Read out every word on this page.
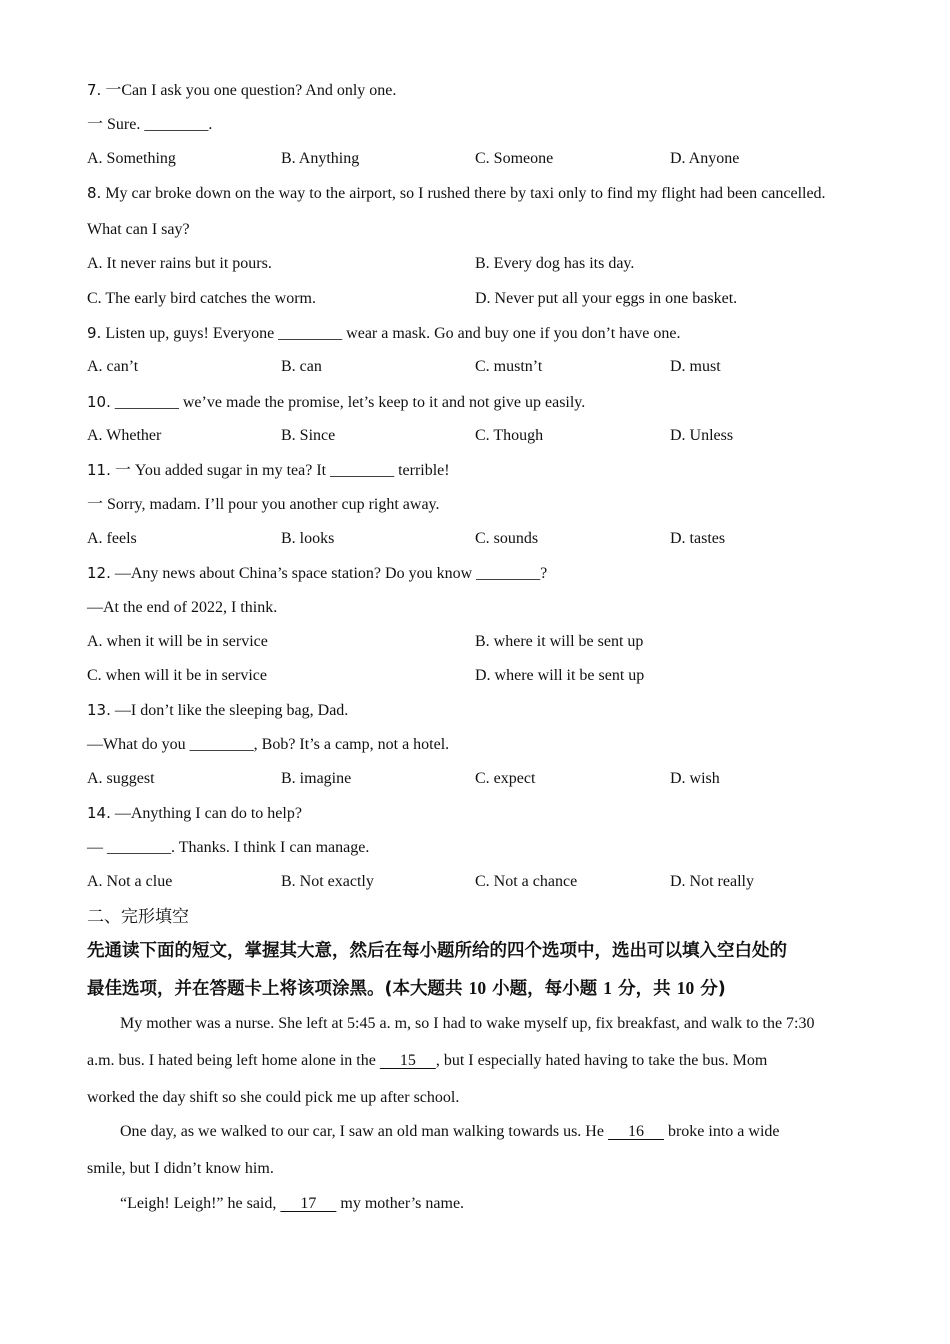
7. 一Can I ask you one question? And only one.
一 Sure. ________.
A. Something	B. Anything	C. Someone	D. Anyone
8. My car broke down on the way to the airport, so I rushed there by taxi only to find my flight had been cancelled.
What can I say?
A. It never rains but it pours.	B. Every dog has its day.
C. The early bird catches the worm.	D. Never put all your eggs in one basket.
9. Listen up, guys! Everyone ________ wear a mask. Go and buy one if you don’t have one.
A. can’t	B. can	C. mustn’t	D. must
10. ________ we’ve made the promise, let’s keep to it and not give up easily.
A. Whether	B. Since	C. Though	D. Unless
11. 一 You added sugar in my tea? It ________ terrible!
一 Sorry, madam. I’ll pour you another cup right away.
A. feels	B. looks	C. sounds	D. tastes
12. —Any news about China’s space station? Do you know ________?
—At the end of 2022, I think.
A. when it will be in service	B. where it will be sent up
C. when will it be in service	D. where will it be sent up
13. —I don’t like the sleeping bag, Dad.
—What do you ________, Bob? It’s a camp, not a hotel.
A. suggest	B. imagine	C. expect	D. wish
14. —Anything I can do to help?
— ________. Thanks. I think I can manage.
A. Not a clue	B. Not exactly	C. Not a chance	D. Not really
二、完形填空
先通读下面的短文，掌握其大意，然后在每小题所给的四个选项中，选出可以填入空白处的
最佳选项，并在答题卡上将该项涂黑。(本大题共 10 小题，每小题 1 分，共 10 分)
My mother was a nurse. She left at 5:45 a. m, so I had to wake myself up, fix breakfast, and walk to the 7:30
a.m. bus. I hated being left home alone in the      15     , but I especially hated having to take the bus. Mom
worked the day shift so she could pick me up after school.
One day, as we walked to our car, I saw an old man walking towards us. He      16      broke into a wide
smile, but I didn’t know him.
“Leigh! Leigh!” he said,      17      my mother’s name.
